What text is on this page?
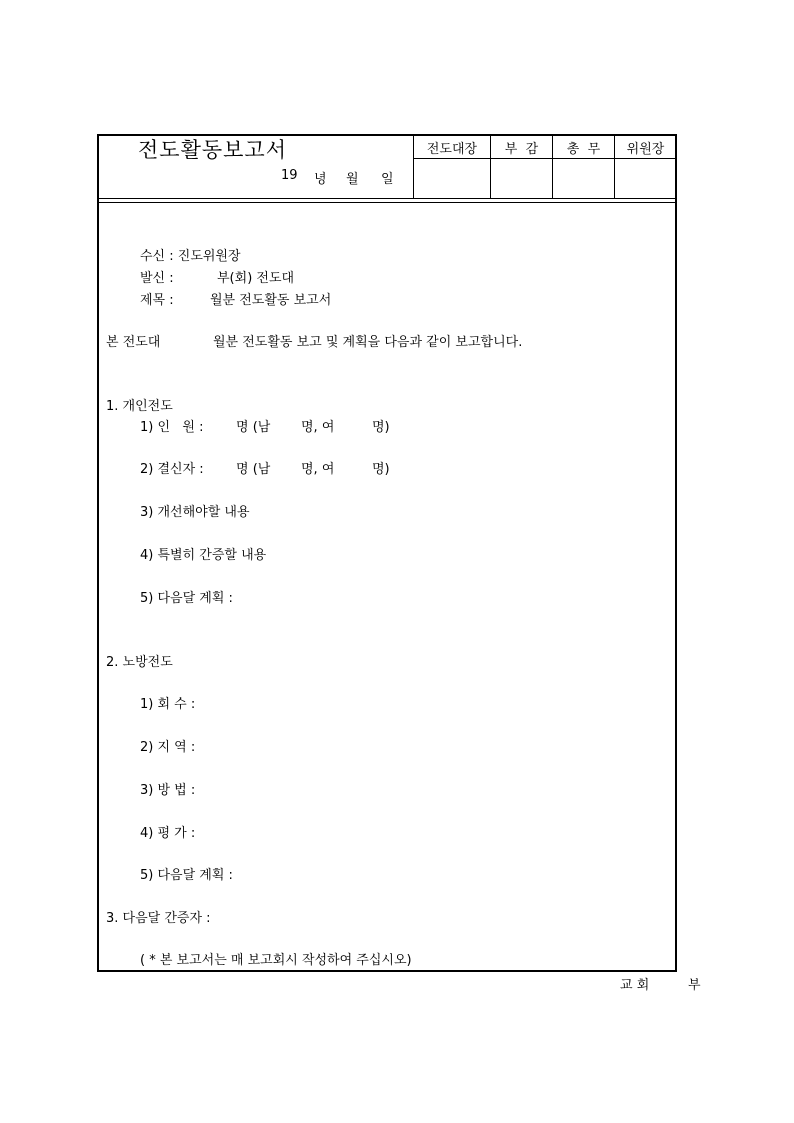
전도활동보고서
19 녕 월 일
전도대장	부  감	총  무	위원장
수신 : 진도위원장
발신 :	부(회) 전도대
제목 :	월분 전도활동 보고서
본 전도대	월분 전도활동 보고 및 계획을 다음과 같이 보고합니다.
1. 개인전도
1) 인   원 : 명 (남 명, 여	명)
2) 결신자 : 명 (남 명, 여	명)
3) 개선해야할 내용
4) 특별히 간증할 내용
5) 다음달 계획 :
2. 노방전도
1) 회 수 :
2) 지 역 :
3) 방 법 :
4) 평 가 :
5) 다음달 계획 :
3. 다음달 간증자 :
( * 본 보고서는 매 보고회시 작성하여 주십시오)
교 회	부
